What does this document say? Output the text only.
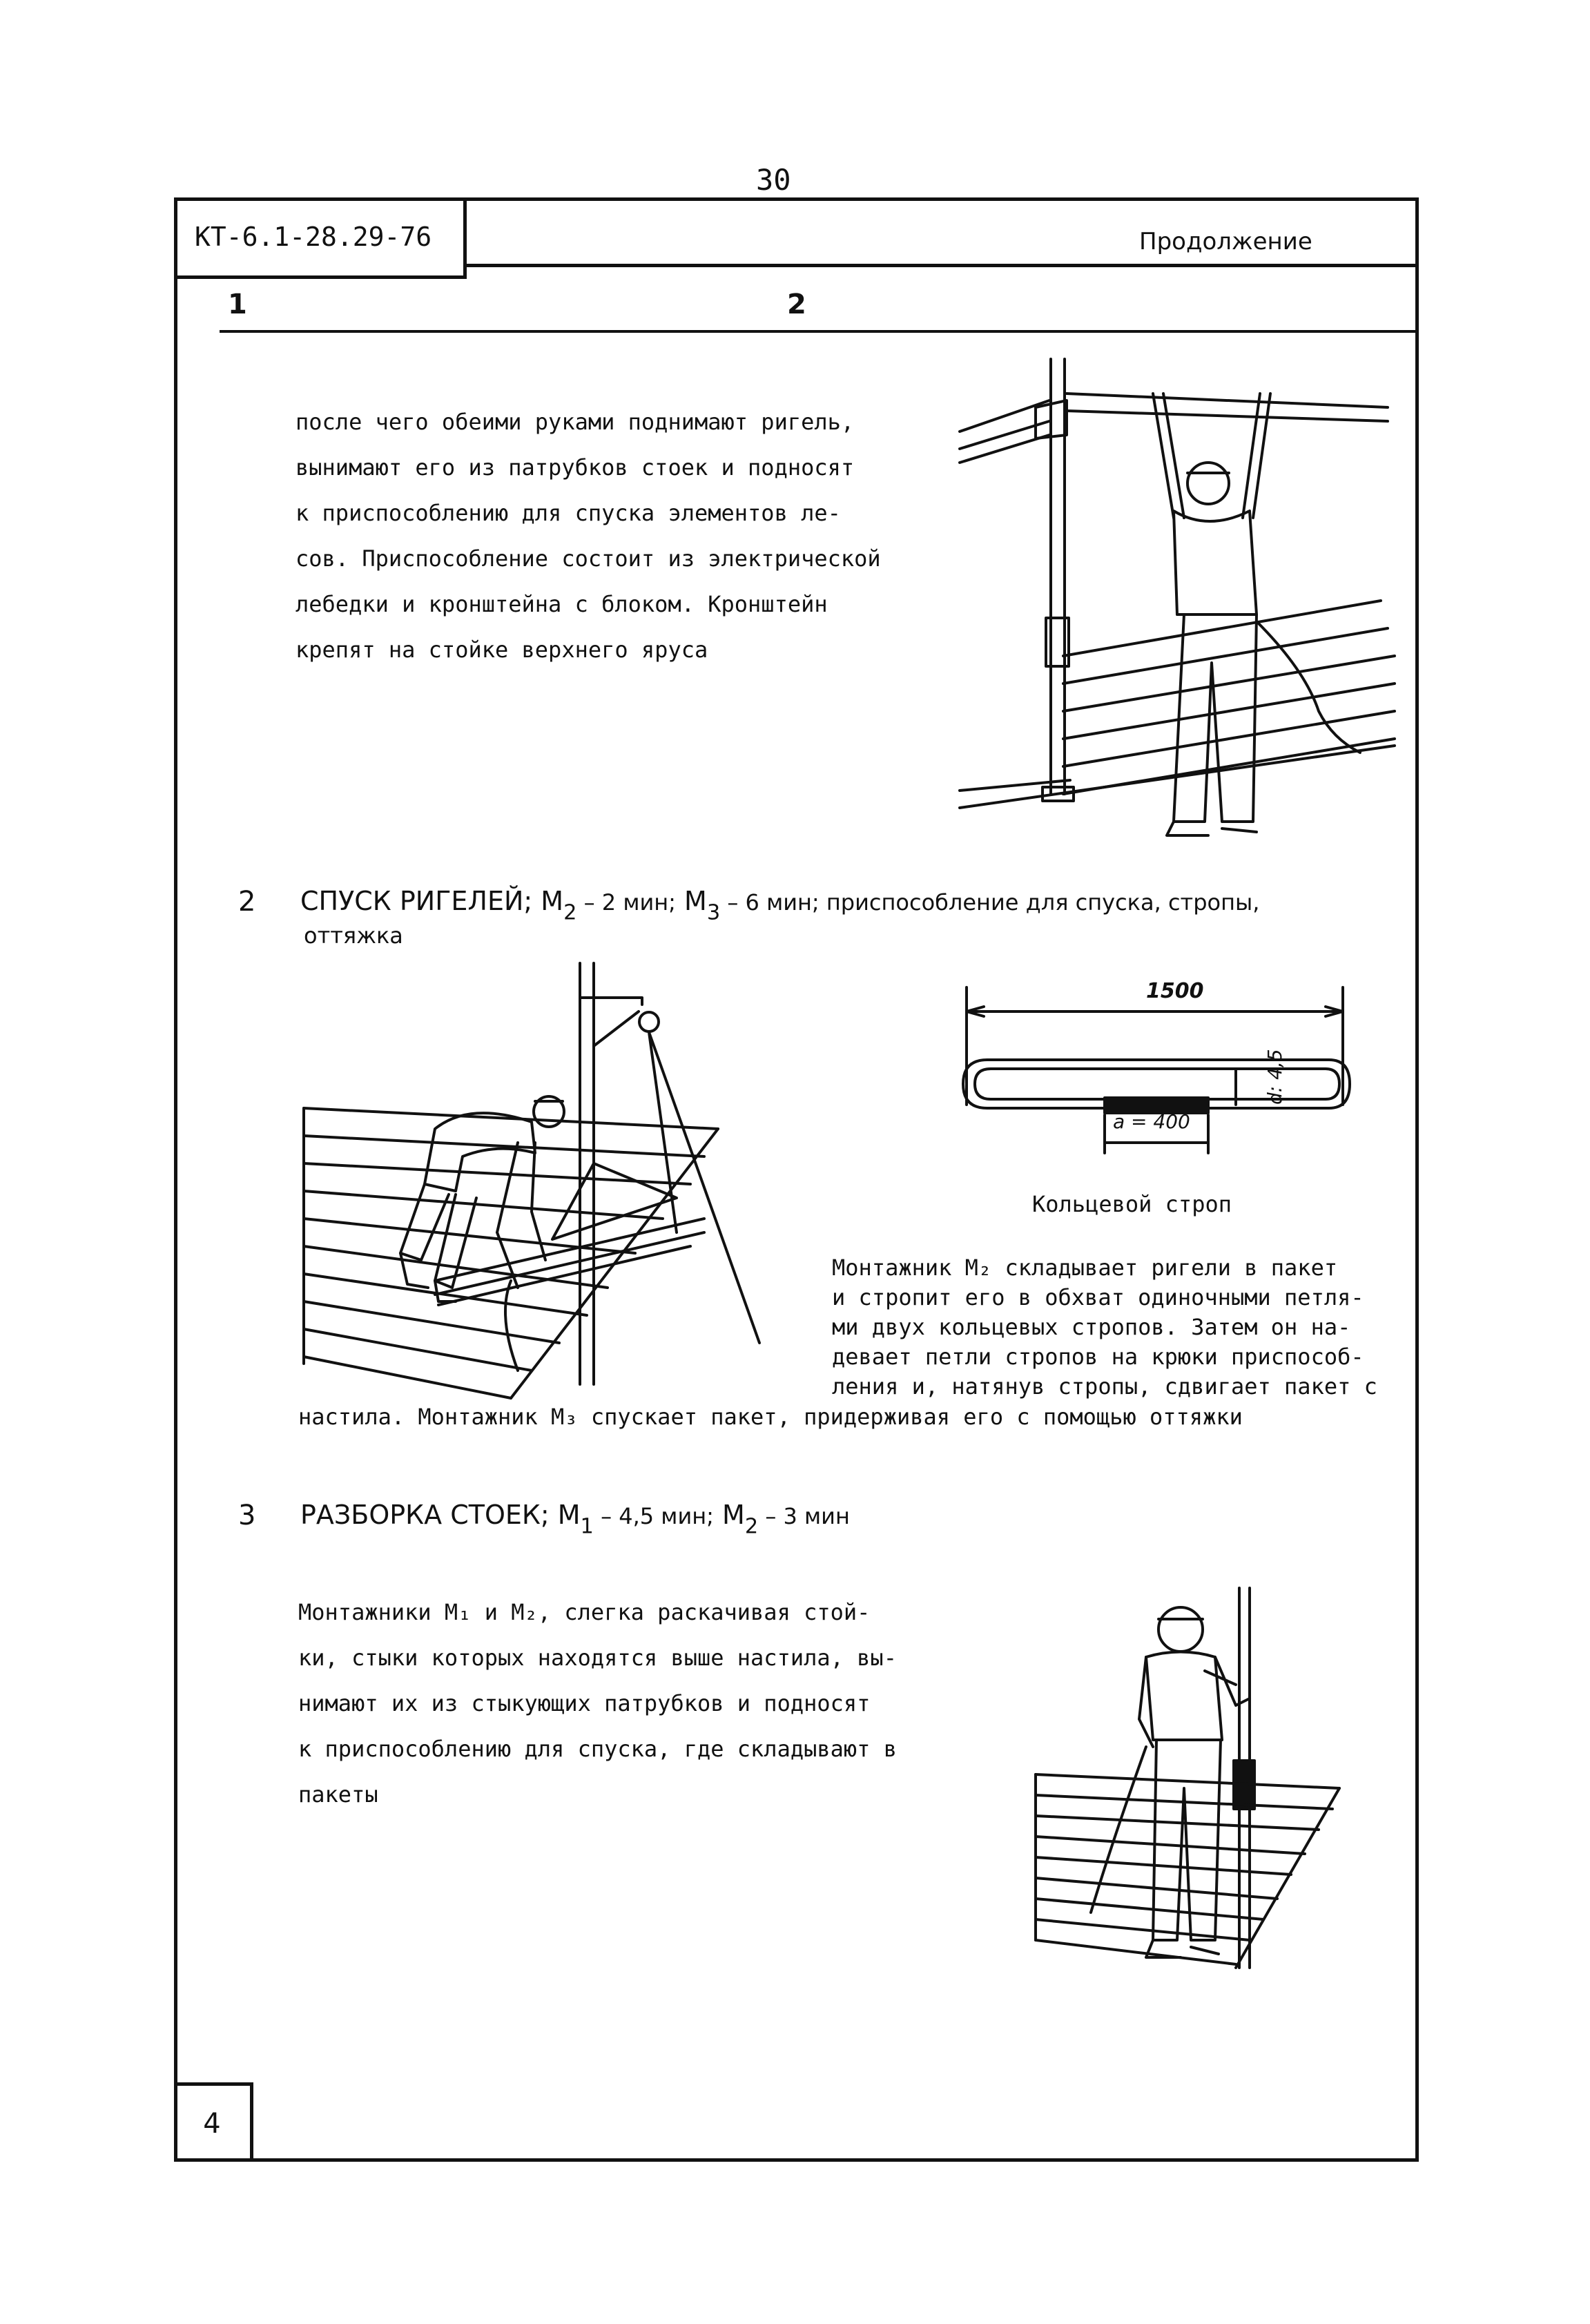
30
КТ-6.1-28.29-76	Продолжение
1	2
после чего обеими руками поднимают ригель,
вынимают его из патрубков стоек и подносят
к приспособлению для спуска элементов ле-
сов. Приспособление состоит из электрической
лебедки и кронштейна с блоком. Кронштейн
крепят на стойке верхнего яруса
2 СПУСК РИГЕЛЕЙ; $М_2 - 2$ мин; $М_3 - 6$ мин; приспособление для спуска, стропы,
оттяжка
1500
a = 400
d: 4,5
Кольцевой строп
Монтажник М₂ складывает ригели в пакет
и стропит его в обхват одиночными петля-
ми двух кольцевых стропов. Затем он на-
девает петли стропов на крюки приспособ-
ления и, натянув стропы, сдвигает пакет с
настила. Монтажник М₃ спускает пакет, придерживая его с помощью оттяжки
3 РАЗБОРКА СТОЕК; $М_1 - 4,5$ мин; $М_2 - 3$ мин
Монтажники М₁ и М₂, слегка раскачивая стой-
ки, стыки которых находятся выше настила, вы-
нимают их из стыкующих патрубков и подносят
к приспособлению для спуска, где складывают в
пакеты
4
